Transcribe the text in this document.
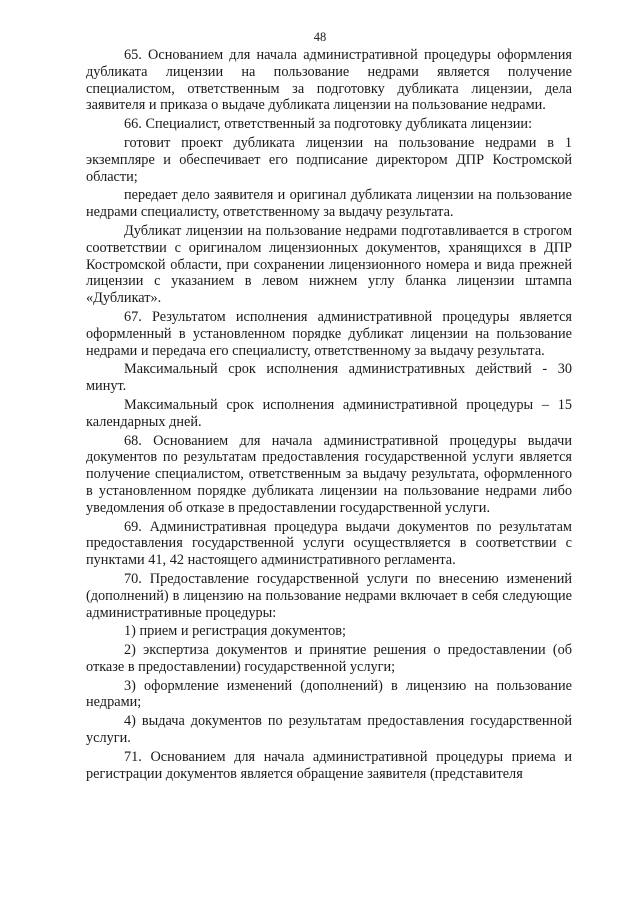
48

65. Основанием для начала административной процедуры оформления дубликата лицензии на пользование недрами является получение специалистом, ответственным за подготовку дубликата лицензии, дела заявителя и приказа о выдаче дубликата лицензии на пользование недрами.

66. Специалист, ответственный за подготовку дубликата лицензии:

готовит проект дубликата лицензии на пользование недрами в 1 экземпляре и обеспечивает его подписание директором ДПР Костромской области;

передает дело заявителя и оригинал дубликата лицензии на пользование недрами специалисту, ответственному за выдачу результата.

Дубликат лицензии на пользование недрами подготавливается в строгом соответствии с оригиналом лицензионных документов, хранящихся в ДПР Костромской области, при сохранении лицензионного номера и вида прежней лицензии с указанием в левом нижнем углу бланка лицензии штампа «Дубликат».

67. Результатом исполнения административной процедуры является оформленный в установленном порядке дубликат лицензии на пользование недрами и передача его специалисту, ответственному за выдачу результата.

Максимальный срок исполнения административных действий - 30 минут.

Максимальный срок исполнения административной процедуры – 15 календарных дней.

68. Основанием для начала административной процедуры выдачи документов по результатам предоставления государственной услуги является получение специалистом, ответственным за выдачу результата, оформленного в установленном порядке дубликата лицензии на пользование недрами либо уведомления об отказе в предоставлении государственной услуги.

69. Административная процедура выдачи документов по результатам предоставления государственной услуги осуществляется в соответствии с пунктами 41, 42 настоящего административного регламента.

70. Предоставление государственной услуги по внесению изменений (дополнений) в лицензию на пользование недрами включает в себя следующие административные процедуры:

1) прием и регистрация документов;

2) экспертиза документов и принятие решения о предоставлении (об отказе в предоставлении) государственной услуги;

3) оформление изменений (дополнений) в лицензию на пользование недрами;

4) выдача документов по результатам предоставления государственной услуги.

71. Основанием для начала административной процедуры приема и регистрации документов является обращение заявителя (представителя
